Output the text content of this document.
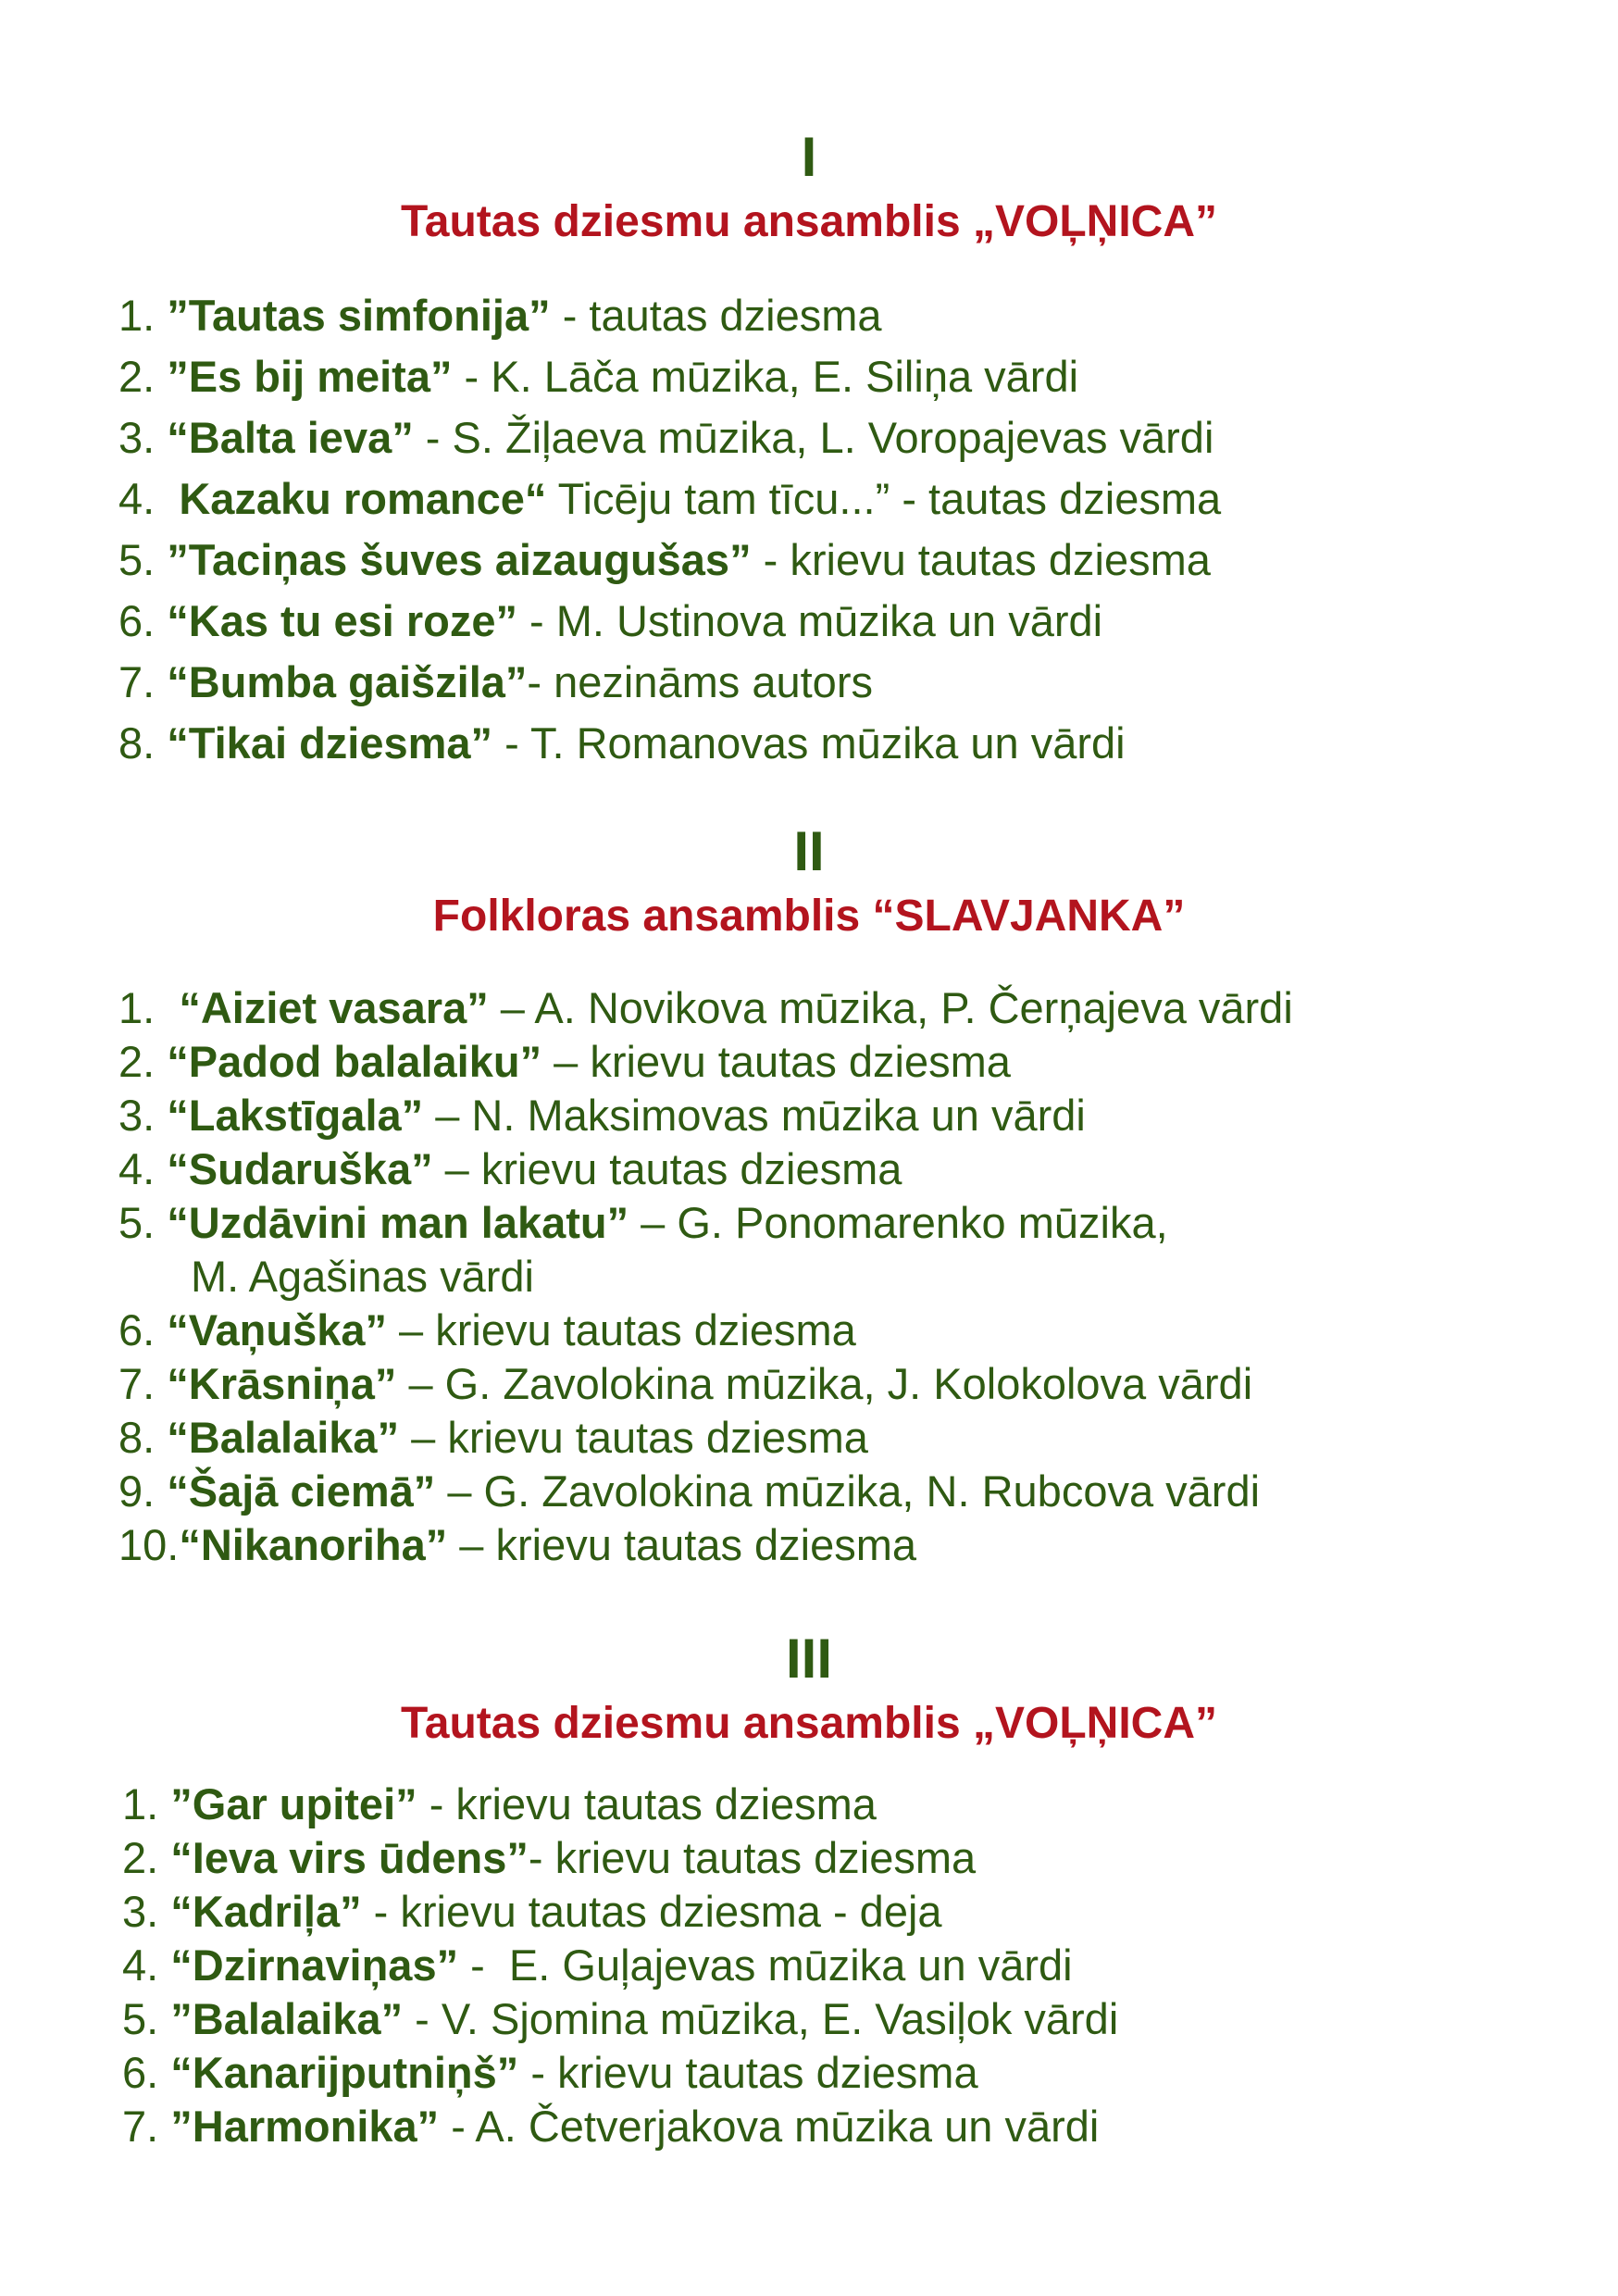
I
Tautas dziesmu ansamblis „VOĻŅICA”
1. ”Tautas simfonija” - tautas dziesma
2. ”Es bij meita” - K. Lāča mūzika, E. Siliņa vārdi
3. “Balta ieva” - S. Žiļaeva mūzika, L. Voropajevas vārdi
4.  Kazaku romance“ Ticēju tam tīcu...” - tautas dziesma
5. ”Taciņas šuves aizaugušas” - krievu tautas dziesma
6. “Kas tu esi roze” - M. Ustinova mūzika un vārdi
7. “Bumba gaišzila”- nezināms autors
8. “Tikai dziesma” - T. Romanovas mūzika un vārdi
II
Folkloras ansamblis “SLAVJANKA”
1.  “Aiziet vasara” – A. Novikova mūzika, P. Čerņajeva vārdi
2. “Padod balalaiku” – krievu tautas dziesma
3. “Lakstīgala” – N. Maksimovas mūzika un vārdi
4. “Sudaruška” – krievu tautas dziesma
5. “Uzdāvini man lakatu” – G. Ponomarenko mūzika,
M. Agašinas vārdi
6. “Vaņuška” – krievu tautas dziesma
7. “Krāsniņa” – G. Zavolokina mūzika, J. Kolokolova vārdi
8. “Balalaika” – krievu tautas dziesma
9. “Šajā ciemā” – G. Zavolokina mūzika, N. Rubcova vārdi
10.“Nikanoriha” – krievu tautas dziesma
III
Tautas dziesmu ansamblis „VOĻŅICA”
1. ”Gar upitei” - krievu tautas dziesma
2. “Ieva virs ūdens”- krievu tautas dziesma
3. “Kadriļa” - krievu tautas dziesma - deja
4. “Dzirnaviņas” -  E. Guļajevas mūzika un vārdi
5. ”Balalaika” - V. Sjomina mūzika, E. Vasiļok vārdi
6. “Kanarijputniņš” - krievu tautas dziesma
7. ”Harmonika” - A. Četverjakova mūzika un vārdi
